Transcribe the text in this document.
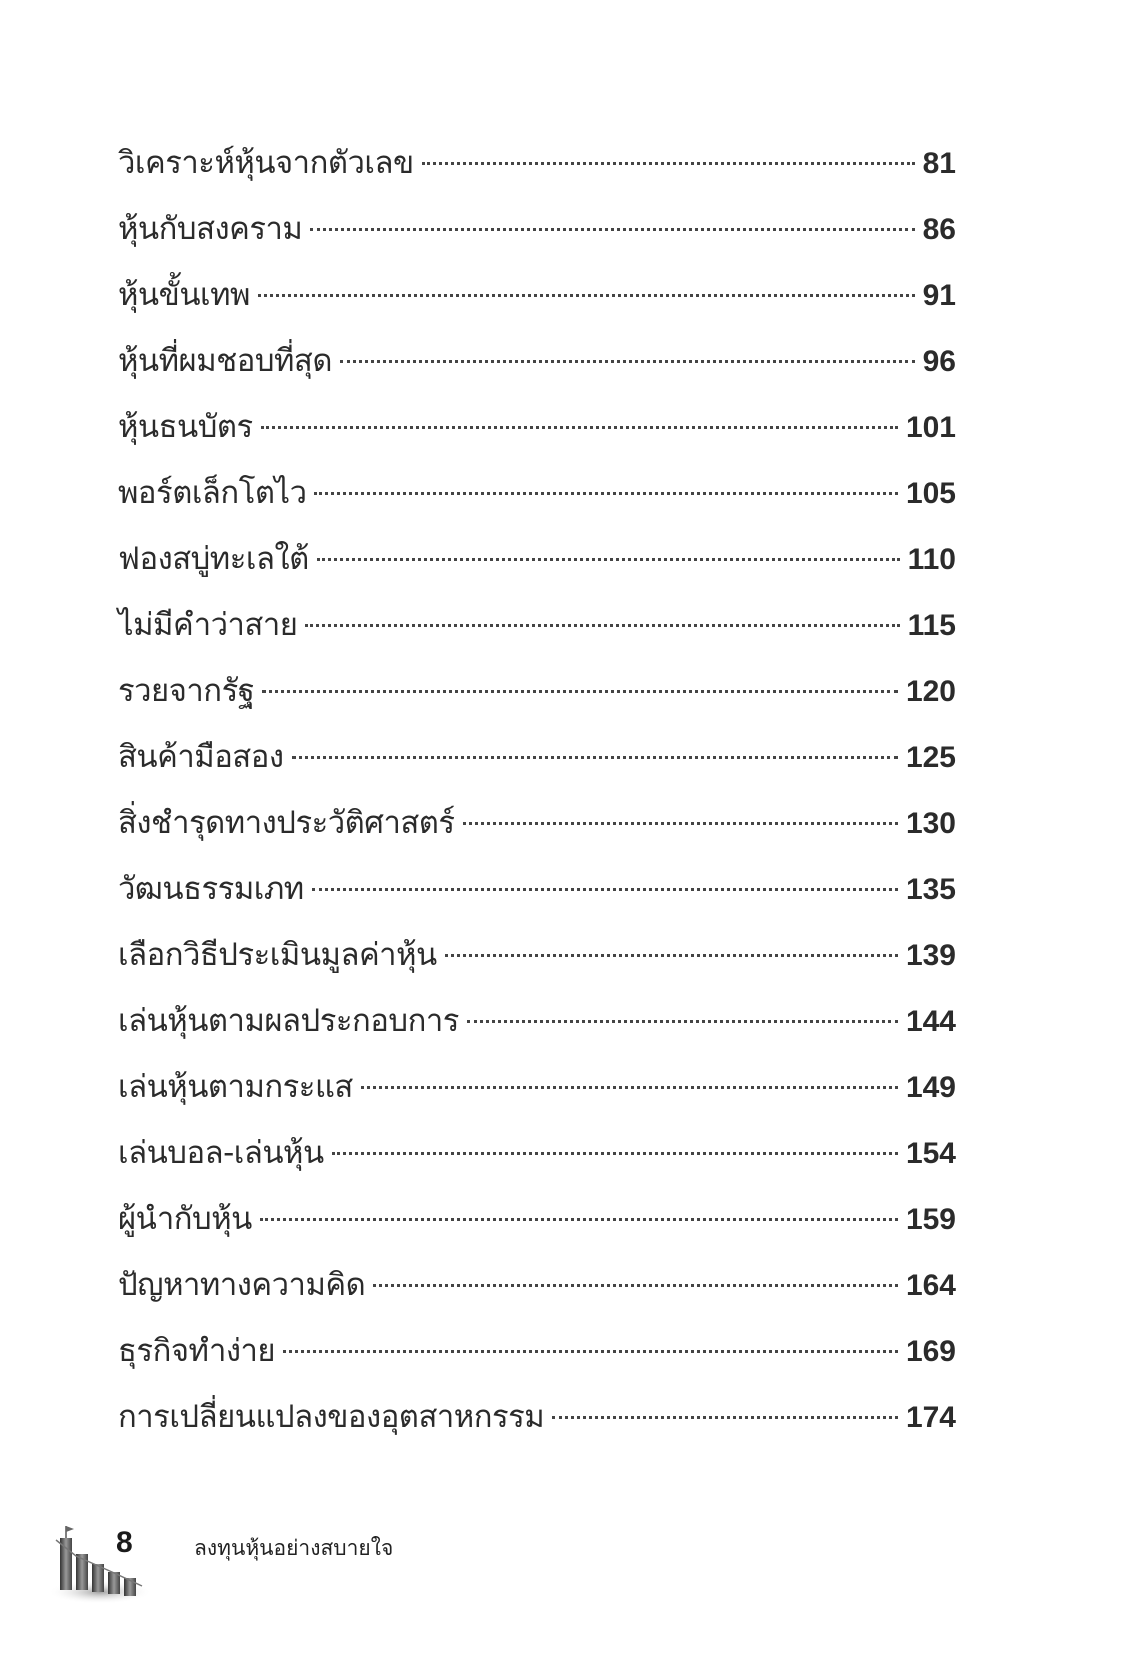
วิเคราะห์หุ้นจากตัวเลข	81
หุ้นกับสงคราม	86
หุ้นขั้นเทพ	91
หุ้นที่ผมชอบที่สุด	96
หุ้นธนบัตร	101
พอร์ตเล็กโตไว	105
ฟองสบู่ทะเลใต้	110
ไม่มีคำว่าสาย	115
รวยจากรัฐ	120
สินค้ามือสอง	125
สิ่งชำรุดทางประวัติศาสตร์	130
วัฒนธรรมเภท	135
เลือกวิธีประเมินมูลค่าหุ้น	139
เล่นหุ้นตามผลประกอบการ	144
เล่นหุ้นตามกระแส	149
เล่นบอล-เล่นหุ้น	154
ผู้นำกับหุ้น	159
ปัญหาทางความคิด	164
ธุรกิจทำง่าย	169
การเปลี่ยนแปลงของอุตสาหกรรม	174
8	ลงทุนหุ้นอย่างสบายใจ
